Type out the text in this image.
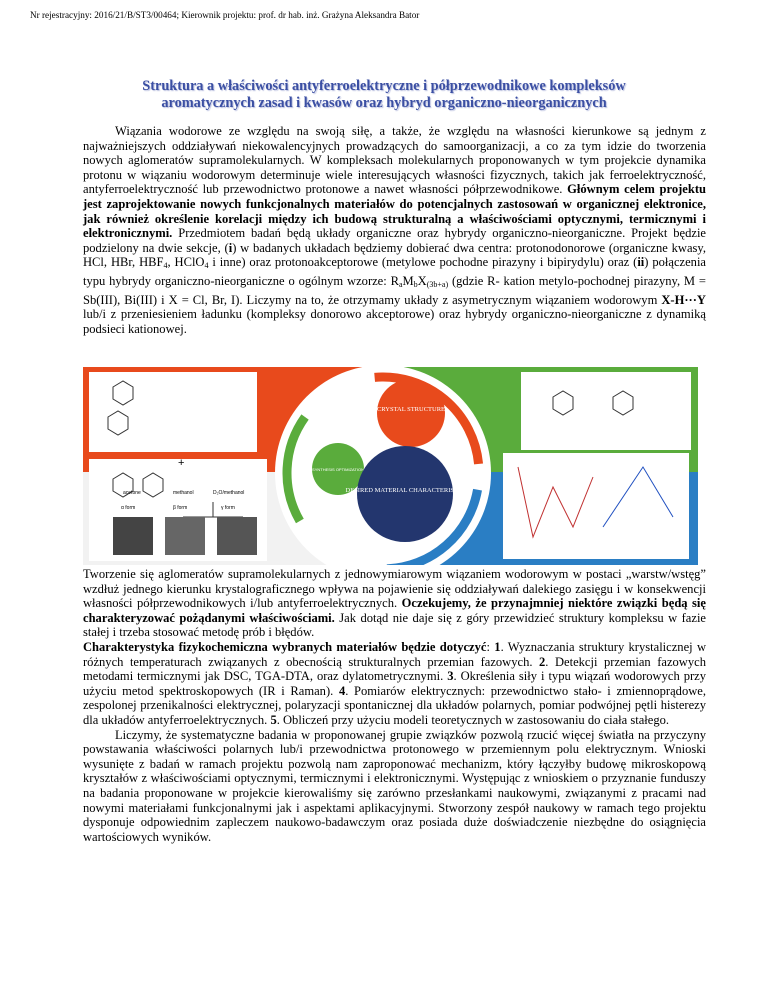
Nr rejestracyjny: 2016/21/B/ST3/00464; Kierownik projektu: prof. dr hab. inż. Grażyna Aleksandra Bator
Struktura a właściwości antyferroelektryczne i półprzewodnikowe kompleksów
aromatycznych zasad i kwasów oraz hybryd organiczno-nieorganicznych

Wiązania wodorowe ze względu na swoją siłę, a także, że względu na własności kierunkowe są jednym z najważniejszych oddziaływań niekowalencyjnych prowadzących do samoorganizacji, a co za tym idzie do tworzenia nowych aglomeratów supramolekularnych. W kompleksach molekularnych proponowanych w tym projekcie dynamika protonu w wiązaniu wodorowym determinuje wiele interesujących własności fizycznych, takich jak ferroelektryczność, antyferroelektryczność lub przewodnictwo protonowe a nawet własności półprzewodnikowe. Głównym celem projektu jest zaprojektowanie nowych funkcjonalnych materiałów do potencjalnych zastosowań w organicznej elektronice, jak również określenie korelacji między ich budową strukturalną a właściwościami optycznymi, termicznymi i elektronicznymi. Przedmiotem badań będą układy organiczne oraz hybrydy organiczno-nieorganiczne. Projekt będzie podzielony na dwie sekcje, (i) w badanych układach będziemy dobierać dwa centra: protonodonorowe (organiczne kwasy, HCl, HBr, $HBF_4$, HClO$_4$ i inne) oraz protonoakceptorowe (metylowe pochodne pirazyny i bipirydylu) oraz (ii) połączenia typu hybrydy organiczno-nieorganiczne o ogólnym wzorze: $R_aM_bX_{(3b+a)}$ (gdzie R- kation metylo-pochodnej pirazyny, M = Sb(III), Bi(III) i X = Cl, Br, I). Liczymy na to, że otrzymamy układy z asymetrycznym wiązaniem wodorowym X-H···Y lub/i z przeniesieniem ładunku (kompleksy donorowo akceptorowe) oraz hybrydy organiczno-nieorganiczne z dynamiką podsieci kationowej.

CRYSTAL STRUCTURE
SYNTHESIS OPTIMIZATION
DESIRED MATERIAL CHARACTERISTIC
+
acetone	methanol	D₂O/methanol
α form	β form	γ form

Tworzenie się aglomeratów supramolekularnych z jednowymiarowym wiązaniem wodorowym w postaci „warstw/wstęg” wzdłuż jednego kierunku krystalograficznego wpływa na pojawienie się oddziaływań dalekiego zasięgu i w konsekwencji własności półprzewodnikowych i/lub antyferroelektrycznych. Oczekujemy, że przynajmniej niektóre związki będą się charakteryzować pożądanymi właściwościami. Jak dotąd nie daje się z góry przewidzieć struktury kompleksu w fazie stałej i trzeba stosować metodę prób i błędów.

Charakterystyka fizykochemiczna wybranych materiałów będzie dotyczyć: 1. Wyznaczania struktury krystalicznej w różnych temperaturach związanych z obecnością strukturalnych przemian fazowych. 2. Detekcji przemian fazowych metodami termicznymi jak DSC, TGA-DTA, oraz dylatometrycznymi. 3. Określenia siły i typu wiązań wodorowych przy użyciu metod spektroskopowych (IR i Raman). 4. Pomiarów elektrycznych: przewodnictwo stało- i zmiennoprądowe, zespolonej przenikalności elektrycznej, polaryzacji spontanicznej dla układów polarnych, pomiar podwójnej pętli histerezy dla układów antyferroelektrycznych. 5. Obliczeń przy użyciu modeli teoretycznych w zastosowaniu do ciała stałego.

Liczymy, że systematyczne badania w proponowanej grupie związków pozwolą rzucić więcej światła na przyczyny powstawania właściwości polarnych lub/i przewodnictwa protonowego w przemiennym polu elektrycznym. Wnioski wysunięte z badań w ramach projektu pozwolą nam zaproponować mechanizm, który łączyłby budowę mikroskopową kryształów z właściwościami optycznymi, termicznymi i elektronicznymi. Występując z wnioskiem o przyznanie funduszy na badania proponowane w projekcie kierowaliśmy się zarówno przesłankami naukowymi, związanymi z pracami nad nowymi materiałami funkcjonalnymi jak i aspektami aplikacyjnymi. Stworzony zespół naukowy w ramach tego projektu dysponuje odpowiednim zapleczem naukowo-badawczym oraz posiada duże doświadczenie niezbędne do osiągnięcia wartościowych wyników.
